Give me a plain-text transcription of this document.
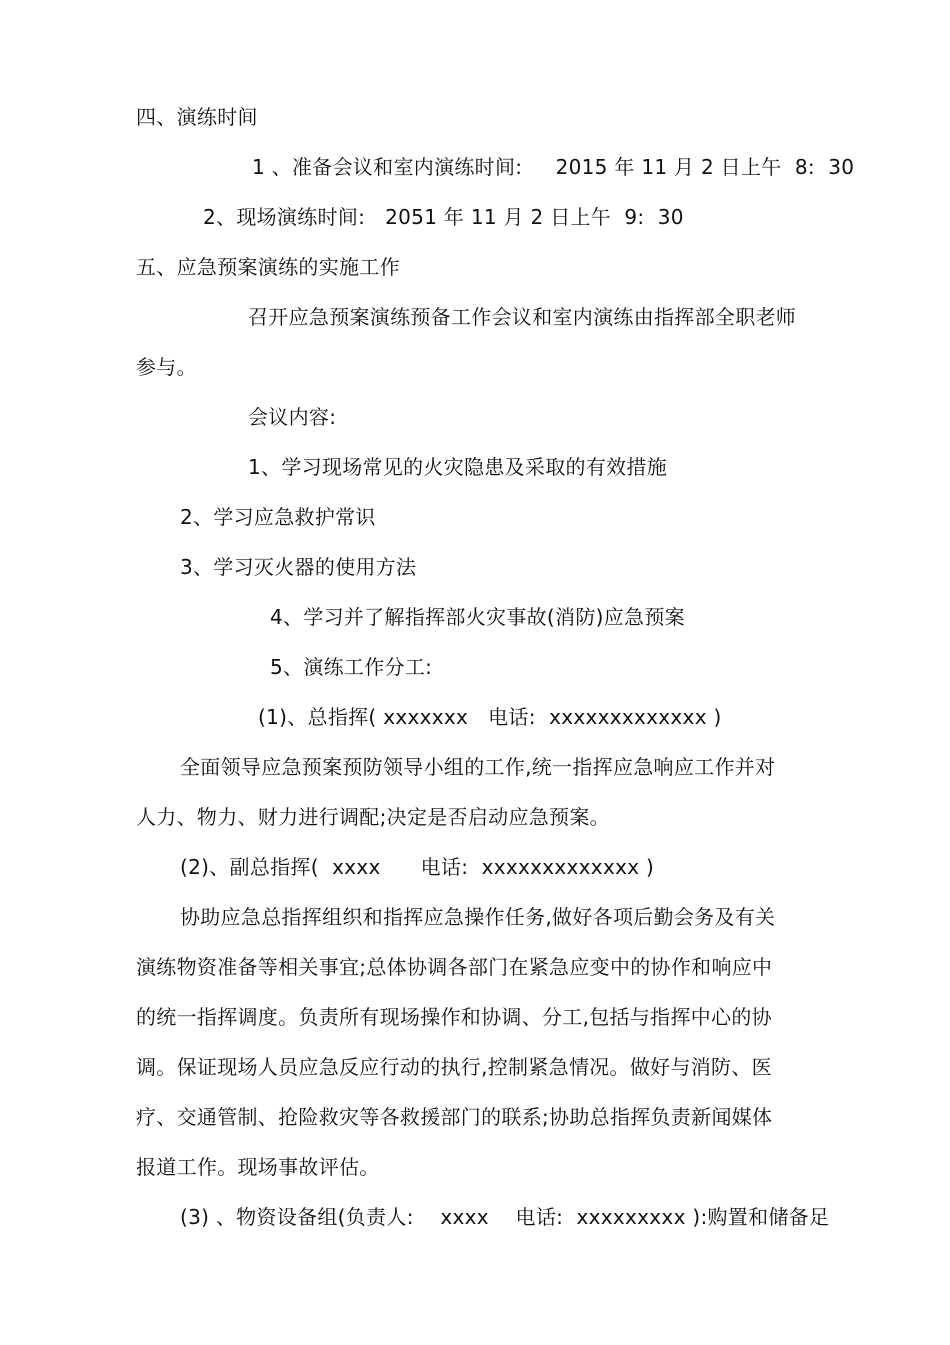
四、演练时间
1 、准备会议和室内演练时间:     2015 年 11 月 2 日上午  8:  30
2、现场演练时间:   2051 年 11 月 2 日上午  9:  30
五、应急预案演练的实施工作
召开应急预案演练预备工作会议和室内演练由指挥部全职老师
参与。
会议内容:
1、学习现场常见的火灾隐患及采取的有效措施
2、学习应急救护常识
3、学习灭火器的使用方法
4、学习并了解指挥部火灾事故(消防)应急预案
5、演练工作分工:
(1)、总指挥( xxxxxxx   电话:  xxxxxxxxxxxxx )
全面领导应急预案预防领导小组的工作,统一指挥应急响应工作并对
人力、物力、财力进行调配;决定是否启动应急预案。
(2)、副总指挥(  xxxx      电话:  xxxxxxxxxxxxx )
协助应急总指挥组织和指挥应急操作任务,做好各项后勤会务及有关
演练物资准备等相关事宜;总体协调各部门在紧急应变中的协作和响应中
的统一指挥调度。负责所有现场操作和协调、分工,包括与指挥中心的协
调。保证现场人员应急反应行动的执行,控制紧急情况。做好与消防、医
疗、交通管制、抢险救灾等各救援部门的联系;协助总指挥负责新闻媒体
报道工作。现场事故评估。
(3) 、物资设备组(负责人:    xxxx    电话:  xxxxxxxxx ):购置和储备足
